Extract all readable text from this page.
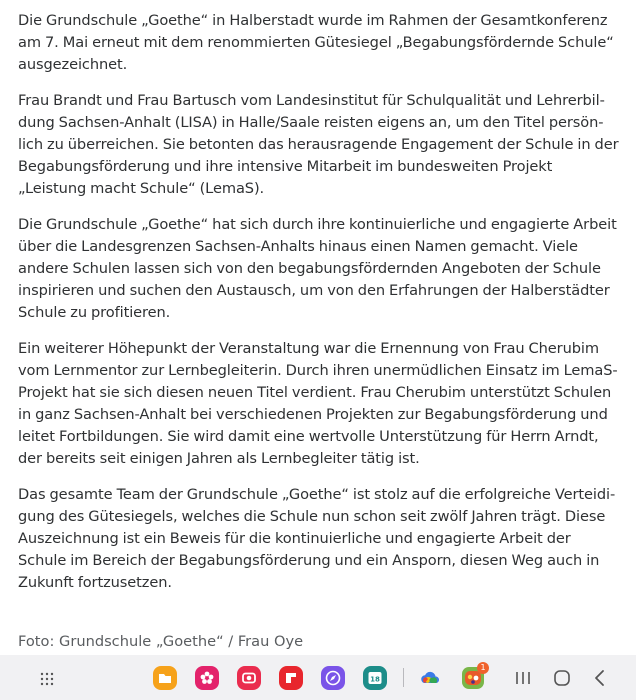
Die Grundschule „Goethe“ in Halberstadt wurde im Rahmen der Gesamtkonferenz am 7. Mai erneut mit dem renommierten Gütesiegel „Begabungsfördernde Schule“ ausgezeichnet.

Frau Brandt und Frau Bartusch vom Landesinstitut für Schulqualität und Lehrerbildung Sachsen-Anhalt (LISA) in Halle/Saale reisten eigens an, um den Titel persönlich zu überreichen. Sie betonten das herausragende Engagement der Schule in der Begabungsförderung und ihre intensive Mitarbeit im bundesweiten Projekt „Leistung macht Schule“ (LemaS).

Die Grundschule „Goethe“ hat sich durch ihre kontinuierliche und engagierte Arbeit über die Landesgrenzen Sachsen-Anhalts hinaus einen Namen gemacht. Viele andere Schulen lassen sich von den begabungsfördernden Angeboten der Schule inspirieren und suchen den Austausch, um von den Erfahrungen der Halberstädter Schule zu profitieren.

Ein weiterer Höhepunkt der Veranstaltung war die Ernennung von Frau Cherubim vom Lernmentor zur Lernbegleiterin. Durch ihren unermüdlichen Einsatz im LemaS-Projekt hat sie sich diesen neuen Titel verdient. Frau Cherubim unterstützt Schulen in ganz Sachsen-Anhalt bei verschiedenen Projekten zur Begabungsförderung und leitet Fortbildungen. Sie wird damit eine wertvolle Unterstützung für Herrn Arndt, der bereits seit einigen Jahren als Lernbegleiter tätig ist.

Das gesamte Team der Grundschule „Goethe“ ist stolz auf die erfolgreiche Verteidigung des Gütesiegels, welches die Schule nun schon seit zwölf Jahren trägt. Diese Auszeichnung ist ein Beweis für die kontinuierliche und engagierte Arbeit der Schule im Bereich der Begabungsförderung und ein Ansporn, diesen Weg auch in Zukunft fortzusetzen.

Foto: Grundschule „Goethe“ / Frau Oye

18
1
